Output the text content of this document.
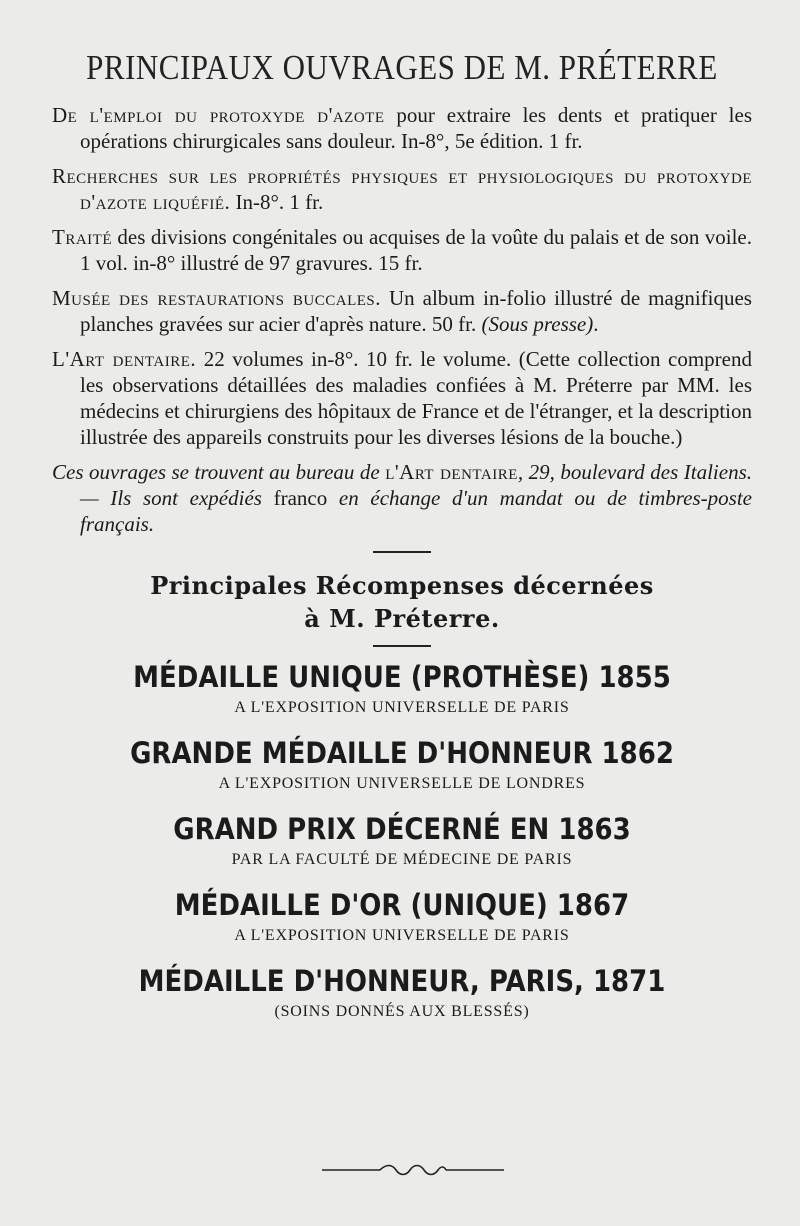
PRINCIPAUX OUVRAGES DE M. PRÉTERRE

De l'emploi du protoxyde d'azote pour extraire les dents et pratiquer les opérations chirurgicales sans douleur. In-8°, 5e édition. 1 fr.

Recherches sur les propriétés physiques et physiologiques du protoxyde d'azote liquéfié. In-8°. 1 fr.

Traité des divisions congénitales ou acquises de la voûte du palais et de son voile. 1 vol. in-8° illustré de 97 gravures. 15 fr.

Musée des restaurations buccales. Un album in-folio illustré de magnifiques planches gravées sur acier d'après nature. 50 fr. (Sous presse).

L'Art dentaire. 22 volumes in-8°. 10 fr. le volume. (Cette collection comprend les observations détaillées des maladies confiées à M. Préterre par MM. les médecins et chirurgiens des hôpitaux de France et de l'étranger, et la description illustrée des appareils construits pour les diverses lésions de la bouche.)

Ces ouvrages se trouvent au bureau de l'Art dentaire, 29, boulevard des Italiens. — Ils sont expédiés franco en échange d'un mandat ou de timbres-poste français.

Principales Récompenses décernées

à M. Préterre.

MÉDAILLE UNIQUE (PROTHÈSE) 1855

A L'EXPOSITION UNIVERSELLE DE PARIS

GRANDE MÉDAILLE D'HONNEUR 1862

A L'EXPOSITION UNIVERSELLE DE LONDRES

GRAND PRIX DÉCERNÉ EN 1863

PAR LA FACULTÉ DE MÉDECINE DE PARIS

MÉDAILLE D'OR (UNIQUE) 1867

A L'EXPOSITION UNIVERSELLE DE PARIS

MÉDAILLE D'HONNEUR, PARIS, 1871

(SOINS DONNÉS AUX BLESSÉS)
